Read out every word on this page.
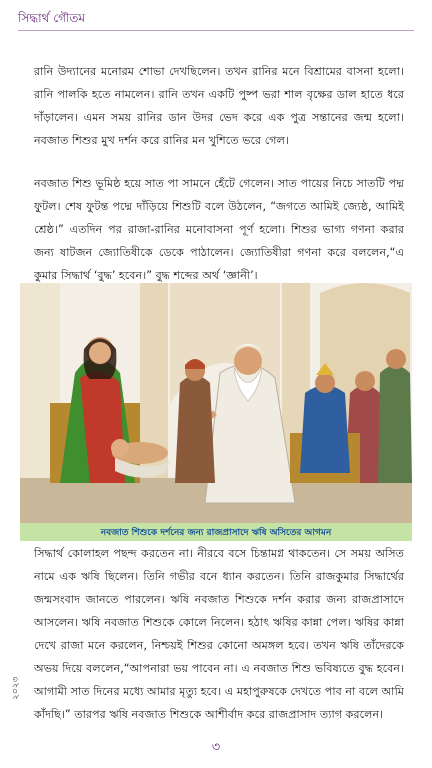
সিদ্ধার্থ গৌতম

রানি উদ্যানের মনোরম শোভা দেখছিলেন। তখন রানির মনে বিশ্রামের বাসনা হলো। রানি পালকি হতে নামলেন। রানি তখন একটি পুষ্প ভরা শাল বৃক্ষের ডাল হাতে ধরে দাঁড়ালেন। এমন সময় রানির ডান উদর ভেদ করে এক পুত্র সন্তানের জন্ম হলো। নবজাত শিশুর মুখ দর্শন করে রানির মন খুশিতে ভরে গেল।

নবজাত শিশু ভূমিষ্ঠ হয়ে সাত পা সামনে হেঁটে গেলেন। সাত পায়ের নিচে সাতটি পদ্ম ফুটল। শেষ ফুটন্ত পদ্মে দাঁড়িয়ে শিশুটি বলে উঠলেন, “জগতে আমিই জ্যেষ্ঠ, আমিই শ্রেষ্ঠ।” এতদিন পর রাজা-রানির মনোবাসনা পূর্ণ হলো। শিশুর ভাগ্য গণনা করার জন্য ষাটজন জ্যোতিষীকে ডেকে পাঠালেন। জ্যোতিষীরা গণনা করে বললেন,“এ কুমার সিদ্ধার্থ ‘বুদ্ধ’ হবেন।” বুদ্ধ শব্দের অর্থ ‘জ্ঞানী’।

নবজাত শিশুকে দর্শনের জন্য রাজপ্রাসাদে ঋষি অসিতের আগমন

সিদ্ধার্থ কোলাহল পছন্দ করতেন না। নীরবে বসে চিন্তামগ্ন থাকতেন। সে সময় অসিত নামে এক ঋষি ছিলেন। তিনি গভীর বনে ধ্যান করতেন। তিনি রাজকুমার সিদ্ধার্থের জন্মসংবাদ জানতে পারলেন। ঋষি নবজাত শিশুকে দর্শন করার জন্য রাজপ্রাসাদে আসলেন। ঋষি নবজাত শিশুকে কোলে নিলেন। হঠাৎ ঋষির কান্না পেল। ঋষির কান্না দেখে রাজা মনে করলেন, নিশ্চয়ই শিশুর কোনো অমঙ্গল হবে। তখন ঋষি তাঁদেরকে অভয় দিয়ে বললেন,“আপনারা ভয় পাবেন না। এ নবজাত শিশু ভবিষ্যতে বুদ্ধ হবেন। আগামী সাত দিনের মধ্যে আমার মৃত্যু হবে। এ মহাপুরুষকে দেখতে পাব না বলে আমি কাঁদছি।” তারপর ঋষি নবজাত শিশুকে আশীর্বাদ করে রাজপ্রাসাদ ত্যাগ করলেন।

২০২৩
৩
